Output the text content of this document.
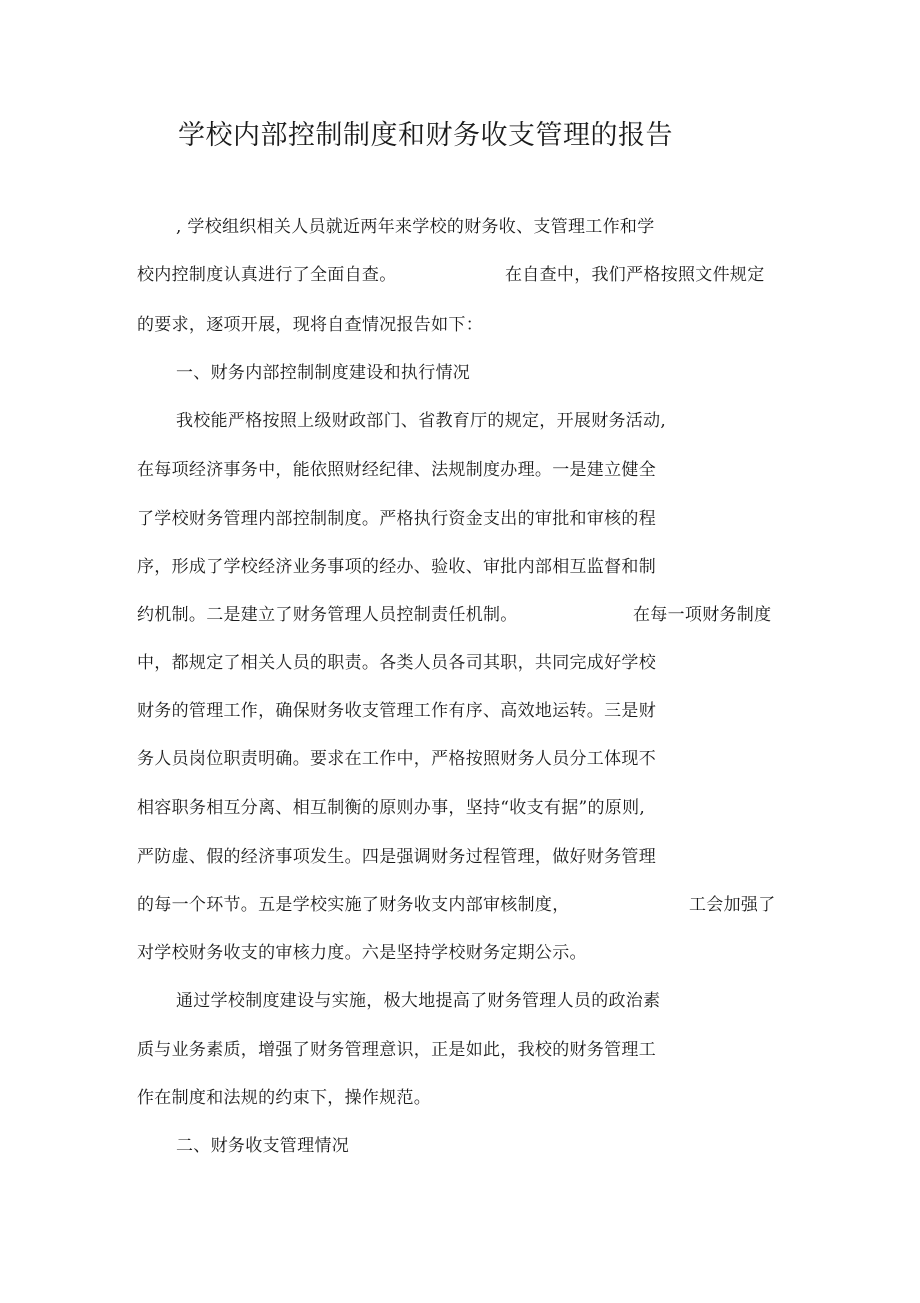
学校内部控制制度和财务收支管理的报告
, 学校组织相关人员就近两年来学校的财务收、支管理工作和学
校内控制度认真进行了全面自查。	在自查中，我们严格按照文件规定
的要求，逐项开展，现将自查情况报告如下：
一、财务内部控制制度建设和执行情况
我校能严格按照上级财政部门、省教育厅的规定，开展财务活动,
在每项经济事务中，能依照财经纪律、法规制度办理。一是建立健全
了学校财务管理内部控制制度。严格执行资金支出的审批和审核的程
序，形成了学校经济业务事项的经办、验收、审批内部相互监督和制
约机制。二是建立了财务管理人员控制责任机制。	在每一项财务制度
中，都规定了相关人员的职责。各类人员各司其职，共同完成好学校
财务的管理工作，确保财务收支管理工作有序、高效地运转。三是财
务人员岗位职责明确。要求在工作中，严格按照财务人员分工体现不
相容职务相互分离、相互制衡的原则办事，坚持“收支有据”的原则,
严防虚、假的经济事项发生。四是强调财务过程管理，做好财务管理
的每一个环节。五是学校实施了财务收支内部审核制度，	工会加强了
对学校财务收支的审核力度。六是坚持学校财务定期公示。
通过学校制度建设与实施，极大地提高了财务管理人员的政治素
质与业务素质，增强了财务管理意识，正是如此，我校的财务管理工
作在制度和法规的约束下，操作规范。
二、财务收支管理情况
